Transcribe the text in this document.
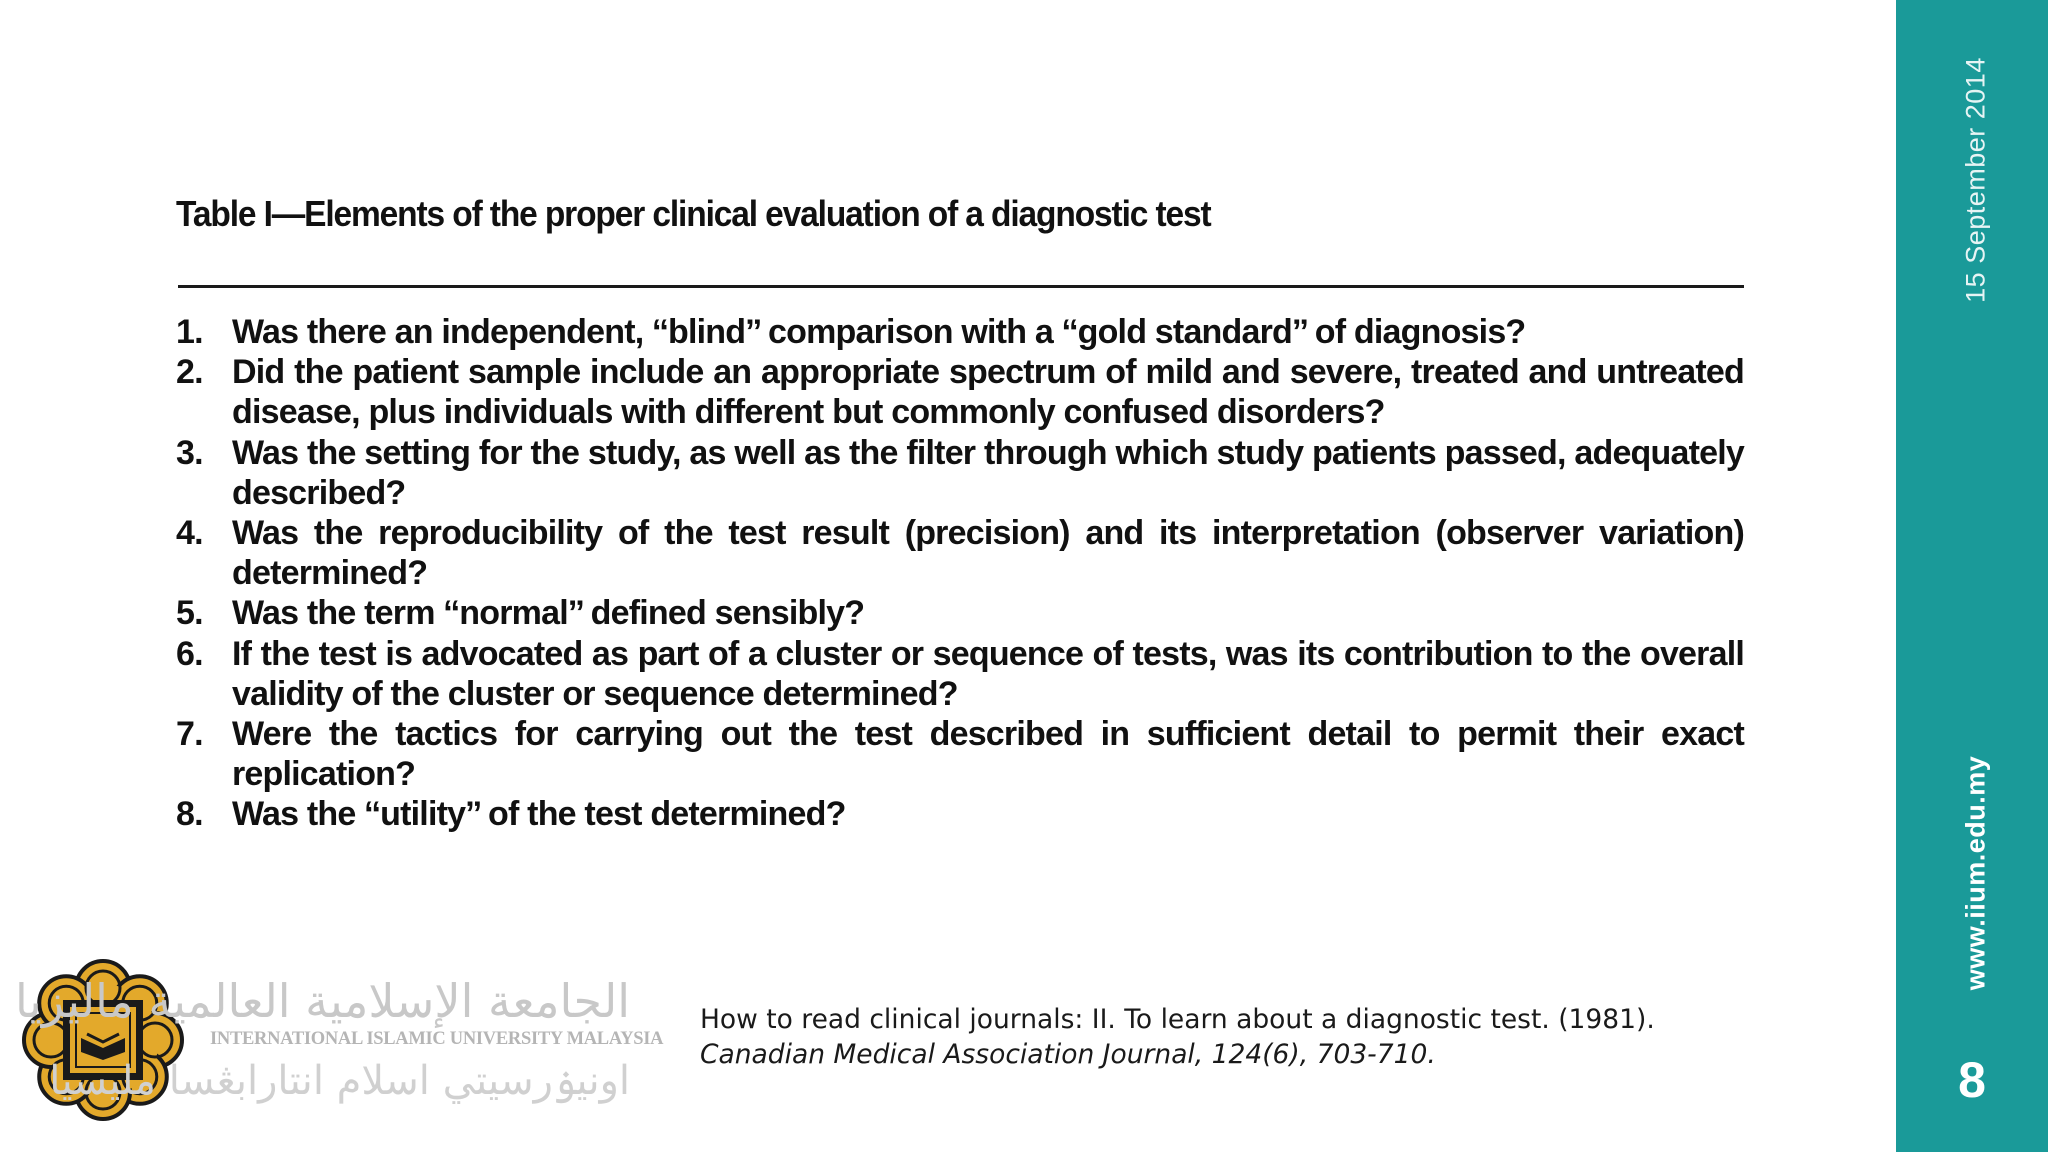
15 September 2014
www.iium.edu.my
8
Table I—Elements of the proper clinical evaluation of a diagnostic test
1. Was there an independent, ‘‘blind’’ comparison with a ‘‘gold standard’’ of diagnosis?
2. Did the patient sample include an appropriate spectrum of mild and severe, treated and untreated disease, plus individuals with different but commonly confused disorders?
3. Was the setting for the study, as well as the filter through which study patients passed, adequately described?
4. Was the reproducibility of the test result (precision) and its interpretation (observer variation) determined?
5. Was the term ‘‘normal’’ defined sensibly?
6. If the test is advocated as part of a cluster or sequence of tests, was its contribution to the overall validity of the cluster or sequence determined?
7. Were the tactics for carrying out the test described in sufficient detail to permit their exact replication?
8. Was the ‘‘utility’’ of the test determined?
الجامعة الإسلامية العالمية ماليزيا
INTERNATIONAL ISLAMIC UNIVERSITY MALAYSIA
اونيۏرسيتي اسلام انتارابڠسا مليسيا
How to read clinical journals: II. To learn about a diagnostic test. (1981).
Canadian Medical Association Journal, 124(6), 703-710.
